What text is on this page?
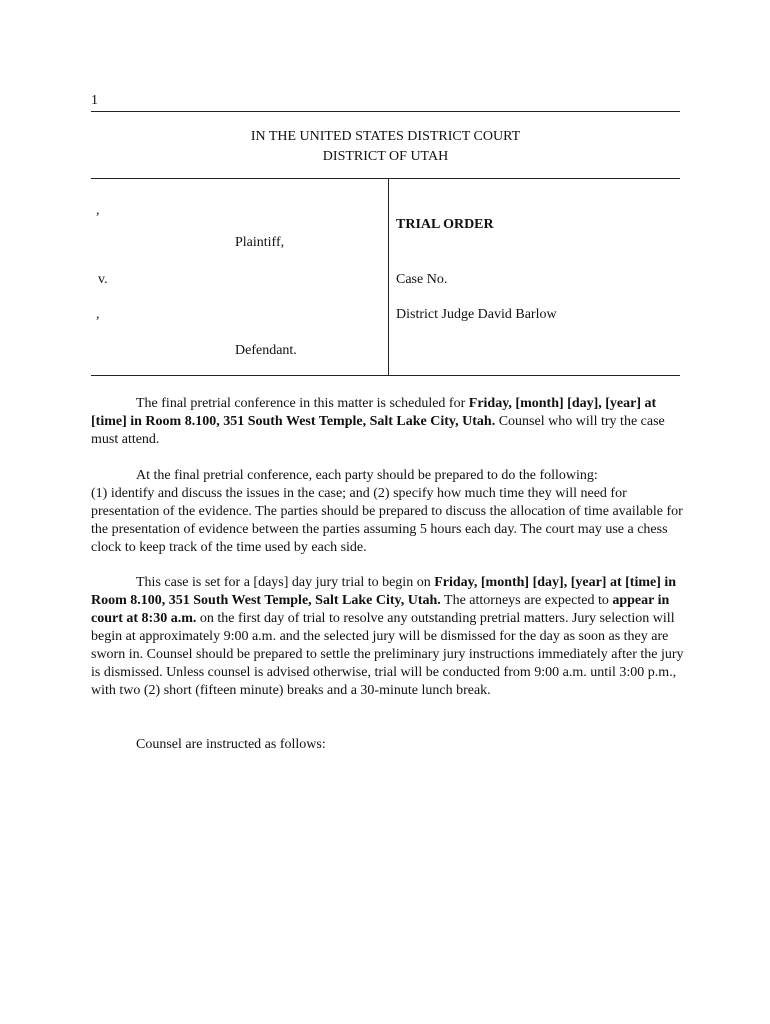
1
IN THE UNITED STATES DISTRICT COURT
DISTRICT OF UTAH
,
Plaintiff,
v.
,
Defendant.
TRIAL ORDER
Case No.
District Judge David Barlow
The final pretrial conference in this matter is scheduled for Friday, [month] [day], [year] at [time] in Room 8.100, 351 South West Temple, Salt Lake City, Utah. Counsel who will try the case must attend.
At the final pretrial conference, each party should be prepared to do the following:
(1) identify and discuss the issues in the case; and (2) specify how much time they will need for presentation of the evidence. The parties should be prepared to discuss the allocation of time available for the presentation of evidence between the parties assuming 5 hours each day. The court may use a chess clock to keep track of the time used by each side.
This case is set for a [days] day jury trial to begin on Friday, [month] [day], [year] at [time] in Room 8.100, 351 South West Temple, Salt Lake City, Utah. The attorneys are expected to appear in court at 8:30 a.m. on the first day of trial to resolve any outstanding pretrial matters. Jury selection will begin at approximately 9:00 a.m. and the selected jury will be dismissed for the day as soon as they are sworn in. Counsel should be prepared to settle the preliminary jury instructions immediately after the jury is dismissed. Unless counsel is advised otherwise, trial will be conducted from 9:00 a.m. until 3:00 p.m., with two (2) short (fifteen minute) breaks and a 30-minute lunch break.
Counsel are instructed as follows:
